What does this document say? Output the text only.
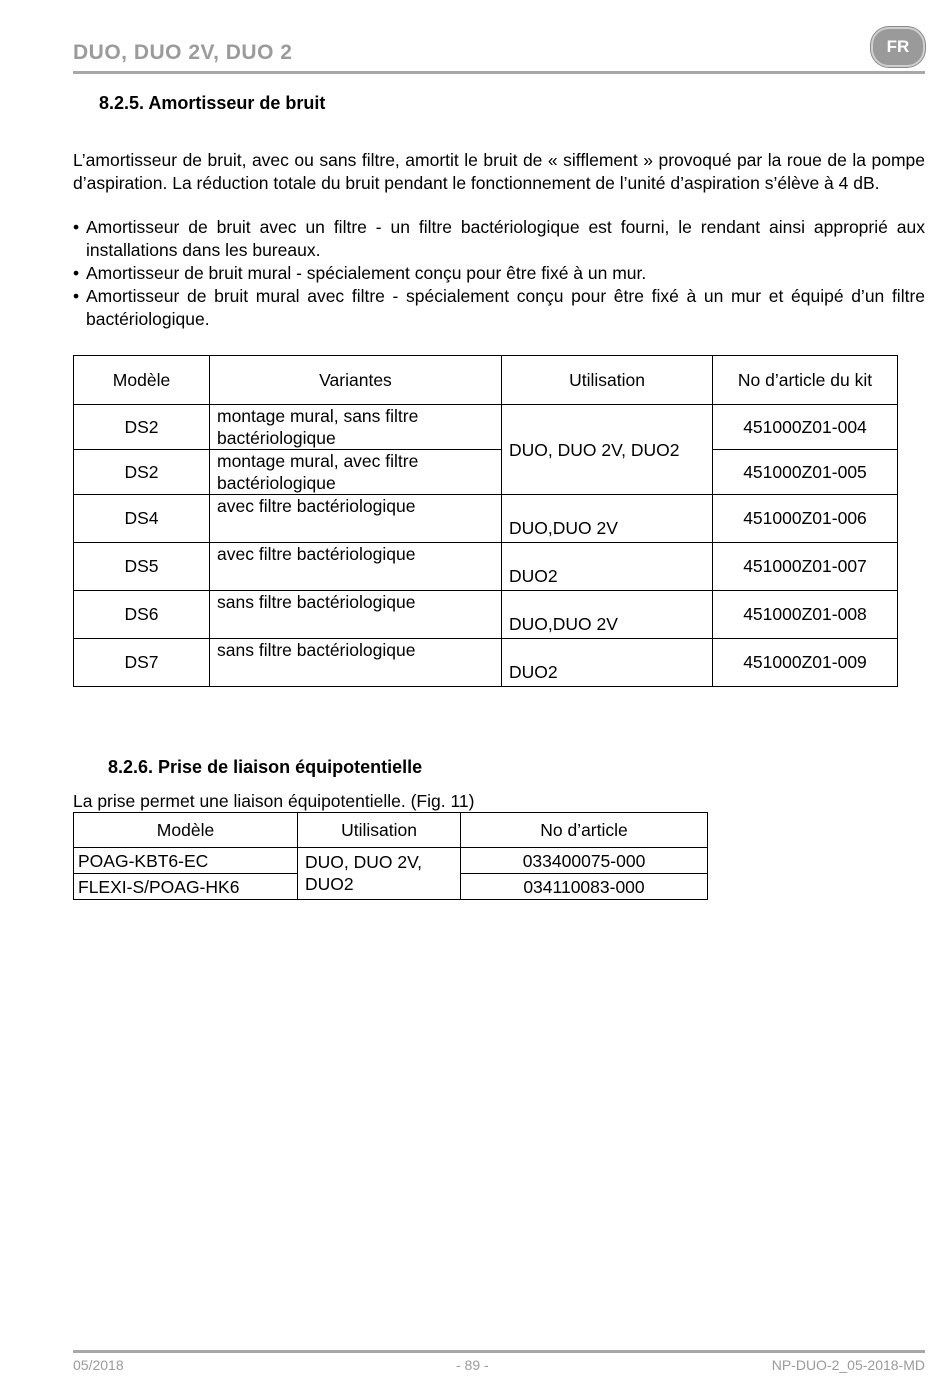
DUO, DUO 2V, DUO 2	FR
8.2.5. Amortisseur de bruit

L’amortisseur de bruit, avec ou sans filtre, amortit le bruit de « sifflement » provoqué par la roue de la pompe d’aspiration. La réduction totale du bruit pendant le fonctionnement de l’unité d’aspiration s’élève à 4 dB.

• Amortisseur de bruit avec un filtre - un filtre bactériologique est fourni, le rendant ainsi approprié aux installations dans les bureaux.
• Amortisseur de bruit mural - spécialement conçu pour être fixé à un mur.
• Amortisseur de bruit mural avec filtre - spécialement conçu pour être fixé à un mur et équipé d’un filtre bactériologique.
Modèle	Variantes	Utilisation	No d’article du kit
DS2	montage mural, sans filtre bactériologique	DUO, DUO 2V, DUO2	451000Z01-004
DS2	montage mural, avec filtre bactériologique		451000Z01-005
DS4	avec filtre bactériologique	DUO,DUO 2V	451000Z01-006
DS5	avec filtre bactériologique	DUO2	451000Z01-007
DS6	sans filtre bactériologique	DUO,DUO 2V	451000Z01-008
DS7	sans filtre bactériologique	DUO2	451000Z01-009
8.2.6. Prise de liaison équipotentielle

La prise permet une liaison équipotentielle. (Fig. 11)

Modèle	Utilisation	No d’article
POAG-KBT6-EC	DUO, DUO 2V, DUO2	033400075-000
FLEXI-S/POAG-HK6		034110083-000
05/2018	- 89 -	NP-DUO-2_05-2018-MD
